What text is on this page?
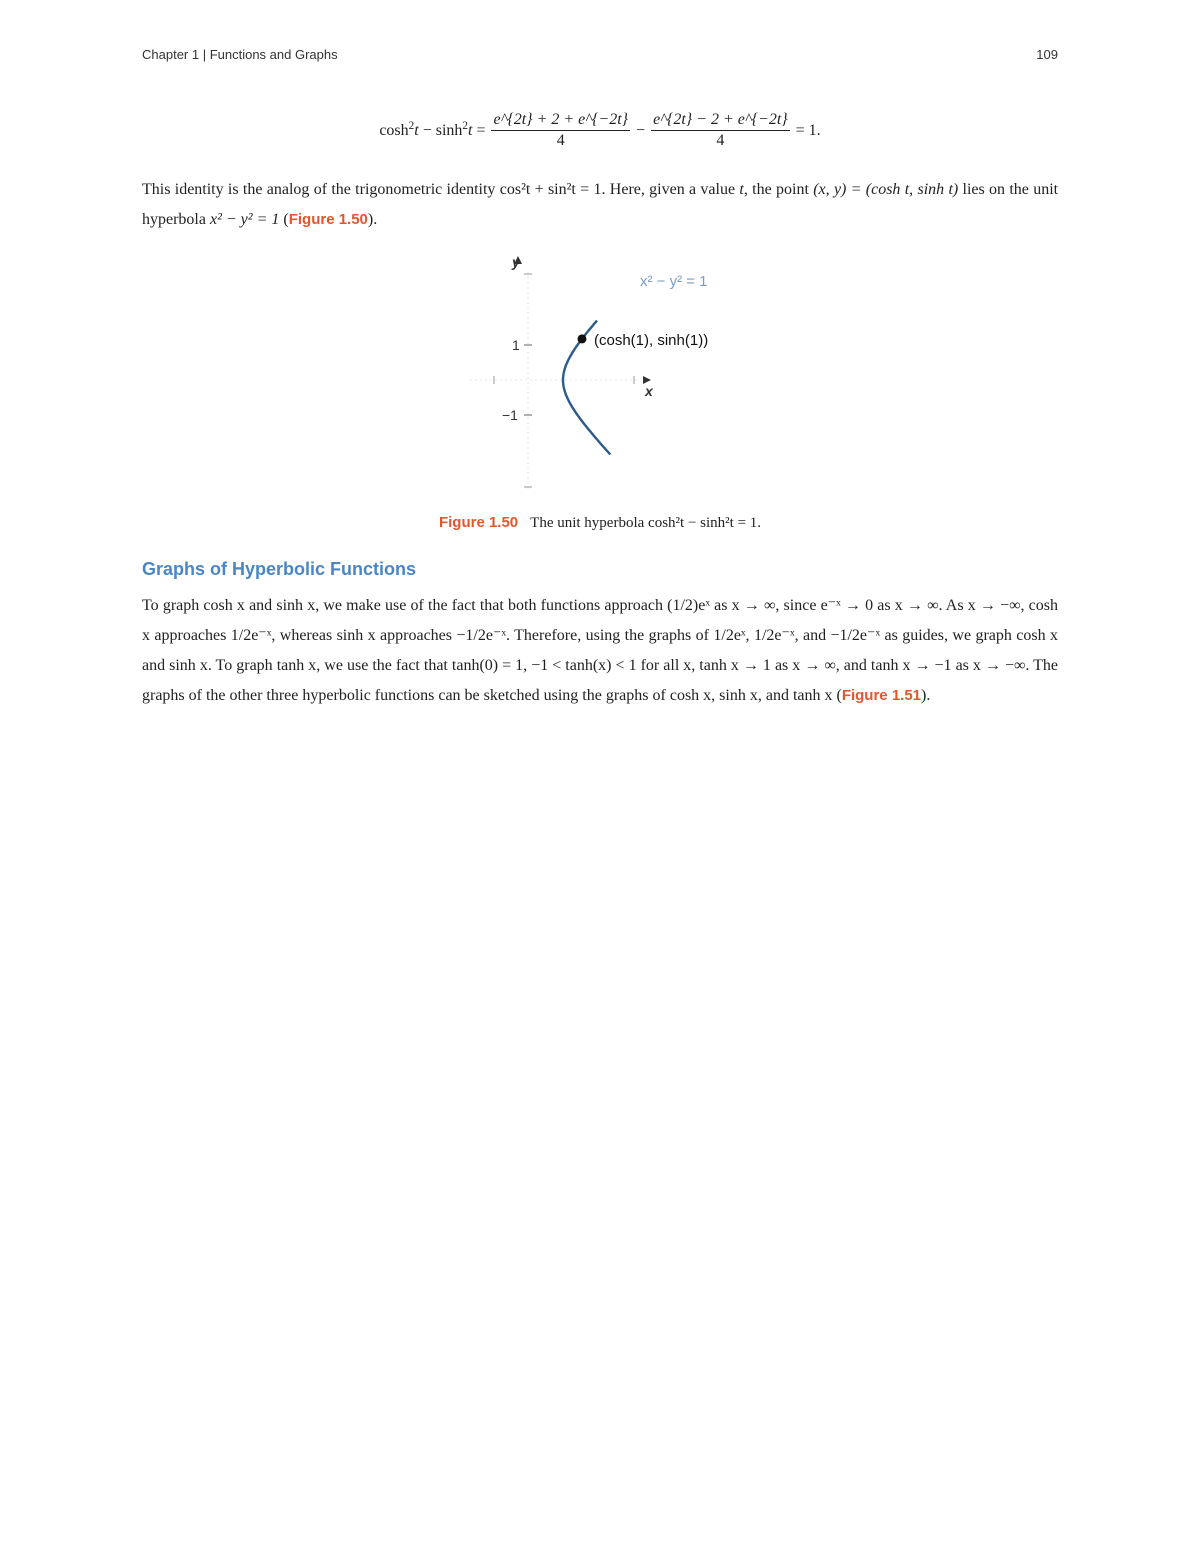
Chapter 1 | Functions and Graphs	109
$\cosh^2t - \sinh^2t = \frac{e\^{}\{2t\} + 2 + e\^{}\{-2t\}}{4} - \frac{e\^{}\{2t\} - 2 + e\^{}\{-2t\}}{4} = 1$.
This identity is the analog of the trigonometric identity cos²t + sin²t = 1. Here, given a value t, the point (x, y) = (cosh t, sinh t) lies on the unit hyperbola x² − y² = 1 (Figure 1.50).
y
x
1
−1
x² − y² = 1
(cosh(1), sinh(1))
Figure 1.50 The unit hyperbola cosh²t − sinh²t = 1.
Graphs of Hyperbolic Functions
To graph cosh x and sinh x, we make use of the fact that both functions approach (1/2)eˣ as x → ∞, since e⁻ˣ → 0 as x → ∞. As x → −∞, cosh x approaches 1/2e⁻ˣ, whereas sinh x approaches −1/2e⁻ˣ. Therefore, using the graphs of 1/2eˣ, 1/2e⁻ˣ, and −1/2e⁻ˣ as guides, we graph cosh x and sinh x. To graph tanh x, we use the fact that tanh(0) = 1, −1 < tanh(x) < 1 for all x, tanh x → 1 as x → ∞, and tanh x → −1 as x → −∞. The graphs of the other three hyperbolic functions can be sketched using the graphs of cosh x, sinh x, and tanh x (Figure 1.51).
